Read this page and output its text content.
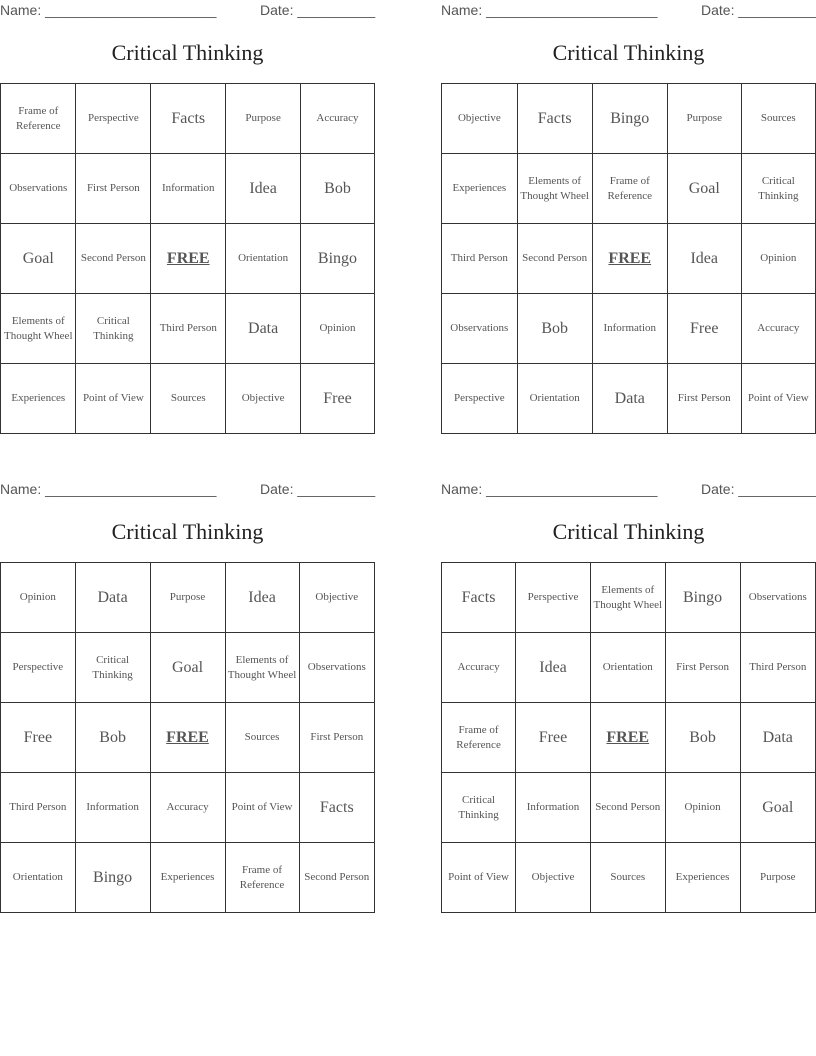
Name: ______________________	Date: __________
Critical Thinking
Frame of Reference	Perspective	Facts	Purpose	Accuracy
Observations	First Person	Information	Idea	Bob
Goal	Second Person	FREE	Orientation	Bingo
Elements of Thought Wheel	Critical Thinking	Third Person	Data	Opinion
Experiences	Point of View	Sources	Objective	Free
Name: ______________________	Date: __________
Critical Thinking
Objective	Facts	Bingo	Purpose	Sources
Experiences	Elements of Thought Wheel	Frame of Reference	Goal	Critical Thinking
Third Person	Second Person	FREE	Idea	Opinion
Observations	Bob	Information	Free	Accuracy
Perspective	Orientation	Data	First Person	Point of View
Name: ______________________	Date: __________
Critical Thinking
Opinion	Data	Purpose	Idea	Objective
Perspective	Critical Thinking	Goal	Elements of Thought Wheel	Observations
Free	Bob	FREE	Sources	First Person
Third Person	Information	Accuracy	Point of View	Facts
Orientation	Bingo	Experiences	Frame of Reference	Second Person
Name: ______________________	Date: __________
Critical Thinking
Facts	Perspective	Elements of Thought Wheel	Bingo	Observations
Accuracy	Idea	Orientation	First Person	Third Person
Frame of Reference	Free	FREE	Bob	Data
Critical Thinking	Information	Second Person	Opinion	Goal
Point of View	Objective	Sources	Experiences	Purpose
